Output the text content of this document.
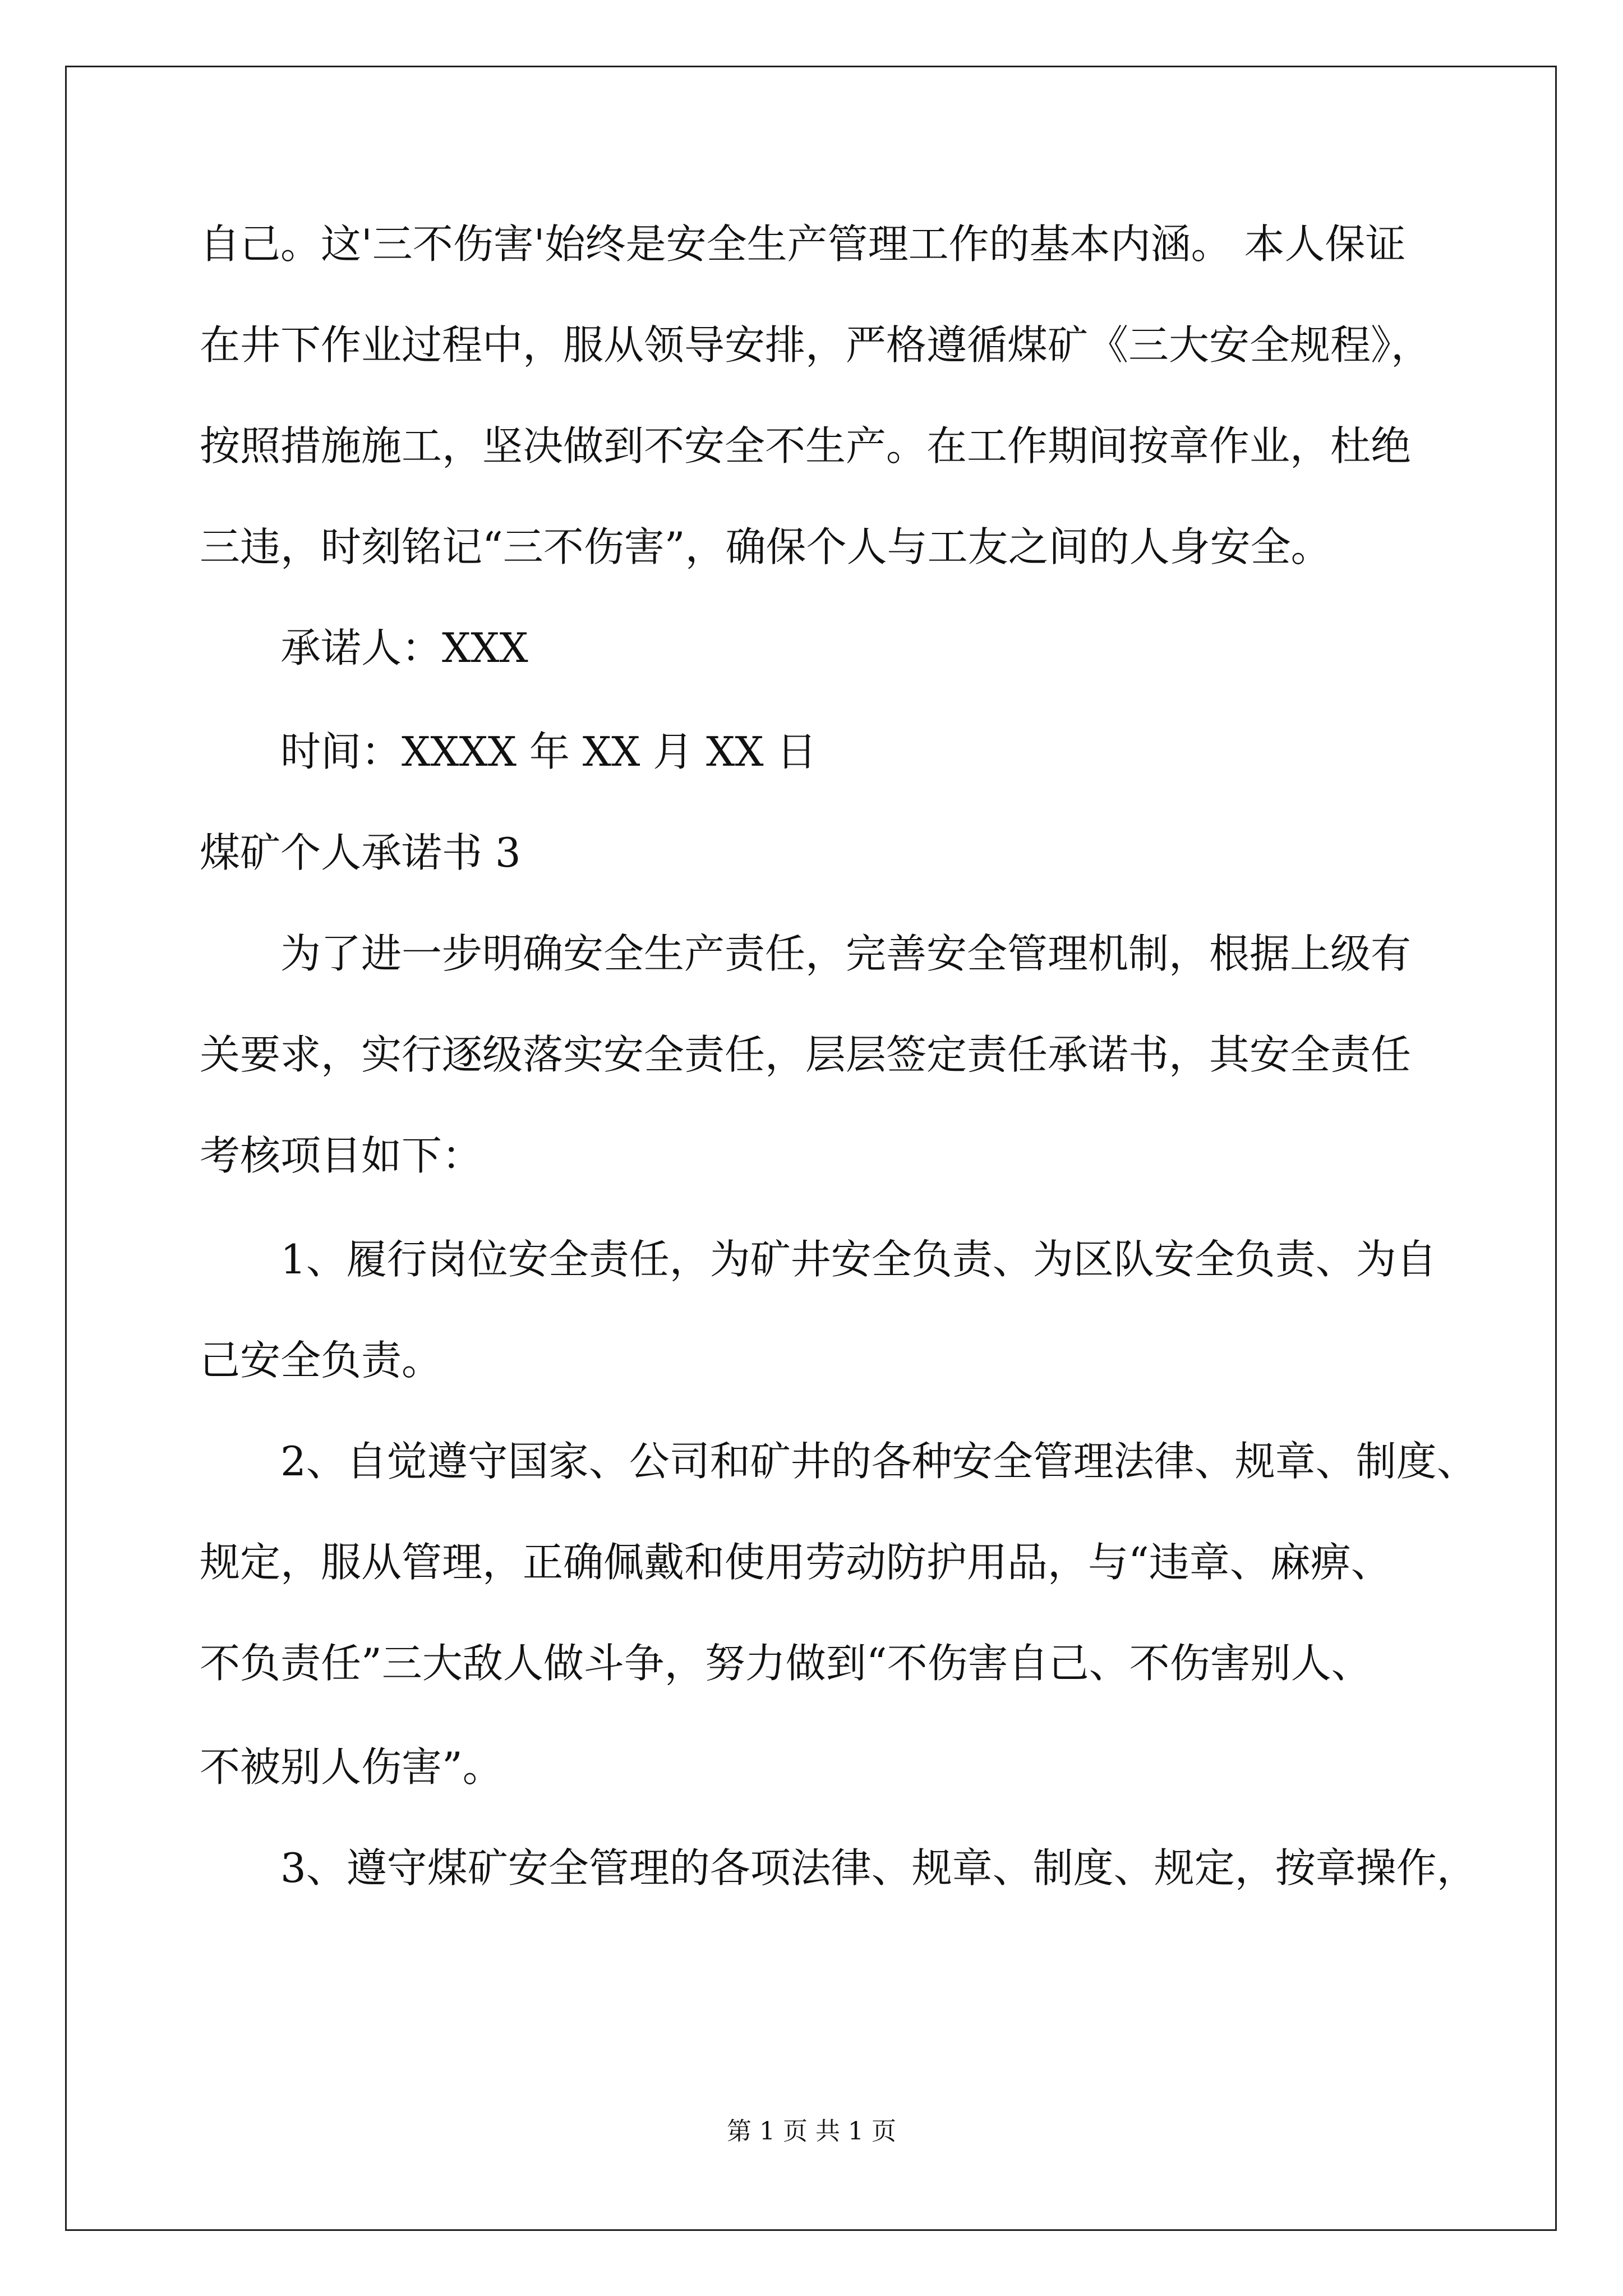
自己。这'三不伤害'始终是安全生产管理工作的基本内涵。 本人保证
在井下作业过程中，服从领导安排，严格遵循煤矿《三大安全规程》，
按照措施施工，坚决做到不安全不生产。在工作期间按章作业，杜绝
三违，时刻铭记“三不伤害”，确保个人与工友之间的人身安全。
承诺人：XXX
时间：XXXX 年 XX 月 XX 日
煤矿个人承诺书 3
为了进一步明确安全生产责任，完善安全管理机制，根据上级有
关要求，实行逐级落实安全责任，层层签定责任承诺书，其安全责任
考核项目如下：
1、履行岗位安全责任，为矿井安全负责、为区队安全负责、为自
己安全负责。
2、自觉遵守国家、公司和矿井的各种安全管理法律、规章、制度、
规定，服从管理，正确佩戴和使用劳动防护用品，与“违章、麻痹、
不负责任”三大敌人做斗争，努力做到“不伤害自己、不伤害别人、
不被别人伤害”。
3、遵守煤矿安全管理的各项法律、规章、制度、规定，按章操作，
第 1 页 共 1 页
